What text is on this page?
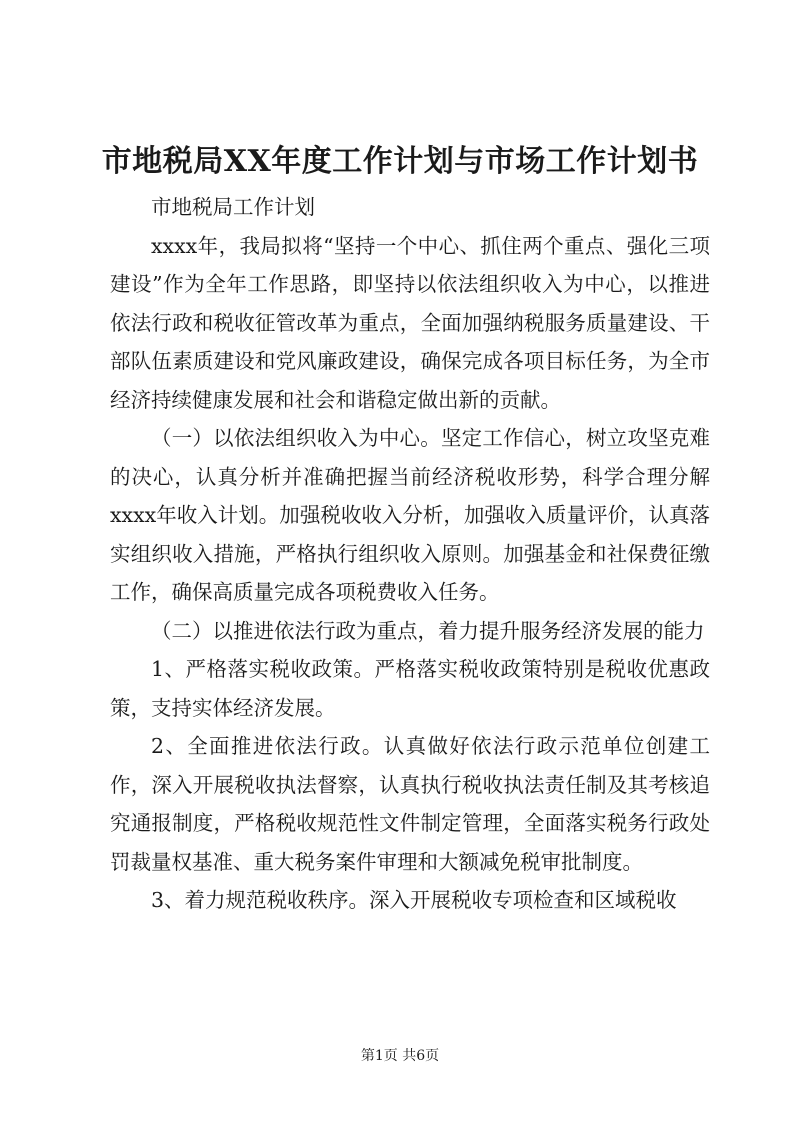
市地税局XX年度工作计划与市场工作计划书

市地税局工作计划

xxxx年，我局拟将“坚持一个中心、抓住两个重点、强化三项建设”作为全年工作思路，即坚持以依法组织收入为中心，以推进依法行政和税收征管改革为重点，全面加强纳税服务质量建设、干部队伍素质建设和党风廉政建设，确保完成各项目标任务，为全市经济持续健康发展和社会和谐稳定做出新的贡献。

（一）以依法组织收入为中心。坚定工作信心，树立攻坚克难的决心，认真分析并准确把握当前经济税收形势，科学合理分解xxxx年收入计划。加强税收收入分析，加强收入质量评价，认真落实组织收入措施，严格执行组织收入原则。加强基金和社保费征缴工作，确保高质量完成各项税费收入任务。

（二）以推进依法行政为重点，着力提升服务经济发展的能力

1、严格落实税收政策。严格落实税收政策特别是税收优惠政策，支持实体经济发展。

2、全面推进依法行政。认真做好依法行政示范单位创建工作，深入开展税收执法督察，认真执行税收执法责任制及其考核追究通报制度，严格税收规范性文件制定管理，全面落实税务行政处罚裁量权基准、重大税务案件审理和大额减免税审批制度。

3、着力规范税收秩序。深入开展税收专项检查和区域税收

第1页 共6页
